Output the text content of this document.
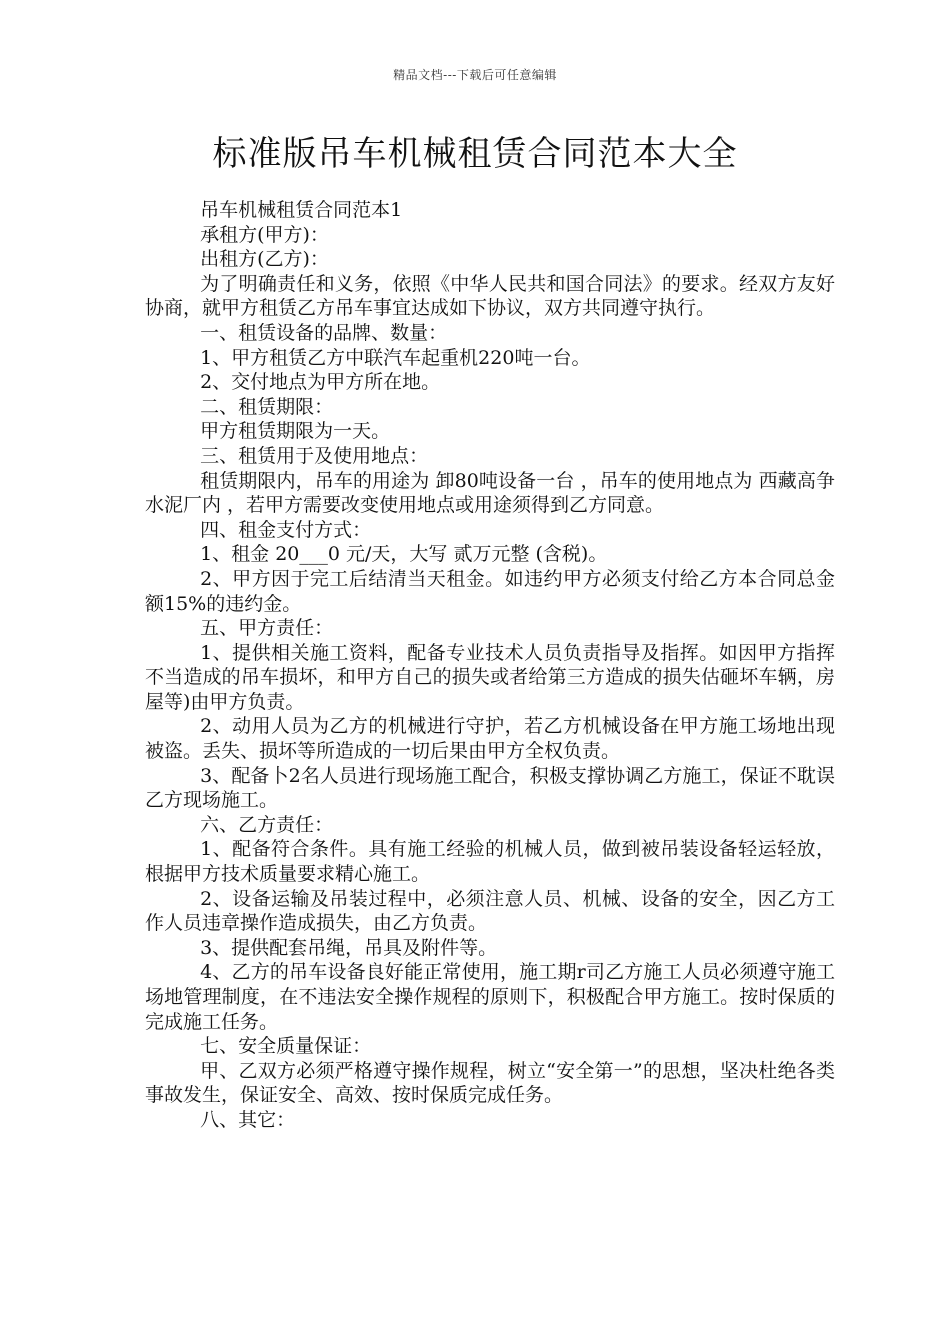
精品文档---下载后可任意编辑
标准版吊车机械租赁合同范本大全

吊车机械租赁合同范本1

承租方(甲方)：

出租方(乙方)：

为了明确责任和义务，依照《中华人民共和国合同法》的要求。经双方友好协商，就甲方租赁乙方吊车事宜达成如下协议，双方共同遵守执行。

一、租赁设备的品牌、数量：

1、甲方租赁乙方中联汽车起重机220吨一台。

2、交付地点为甲方所在地。

二、租赁期限：

甲方租赁期限为一天。

三、租赁用于及使用地点：

租赁期限内，吊车的用途为 卸80吨设备一台 ，吊车的使用地点为 西藏高争水泥厂内 ，若甲方需要改变使用地点或用途须得到乙方同意。

四、租金支付方式：

1、租金 20___0 元/天，大写 贰万元整 (含税)。

2、甲方因于完工后结清当天租金。如违约甲方必须支付给乙方本合同总金额15%的违约金。

五、甲方责任：

1、提供相关施工资料，配备专业技术人员负责指导及指挥。如因甲方指挥不当造成的吊车损坏，和甲方自己的损失或者给第三方造成的损失估砸坏车辆，房屋等)由甲方负责。

2、动用人员为乙方的机械进行守护，若乙方机械设备在甲方施工场地出现被盗。丢失、损坏等所造成的一切后果由甲方全权负责。

3、配备卜2名人员进行现场施工配合，积极支撑协调乙方施工，保证不耽误乙方现场施工。

六、乙方责任：

1、配备符合条件。具有施工经验的机械人员，做到被吊装设备轻运轻放，根据甲方技术质量要求精心施工。

2、设备运输及吊装过程中，必须注意人员、机械、设备的安全，因乙方工作人员违章操作造成损失，由乙方负责。

3、提供配套吊绳，吊具及附件等。

4、乙方的吊车设备良好能正常使用，施工期r司乙方施工人员必须遵守施工场地管理制度，在不违法安全操作规程的原则下，积极配合甲方施工。按时保质的完成施工任务。

七、安全质量保证：

甲、乙双方必须严格遵守操作规程，树立“安全第一”的思想，坚决杜绝各类事故发生，保证安全、高效、按时保质完成任务。

八、其它：
